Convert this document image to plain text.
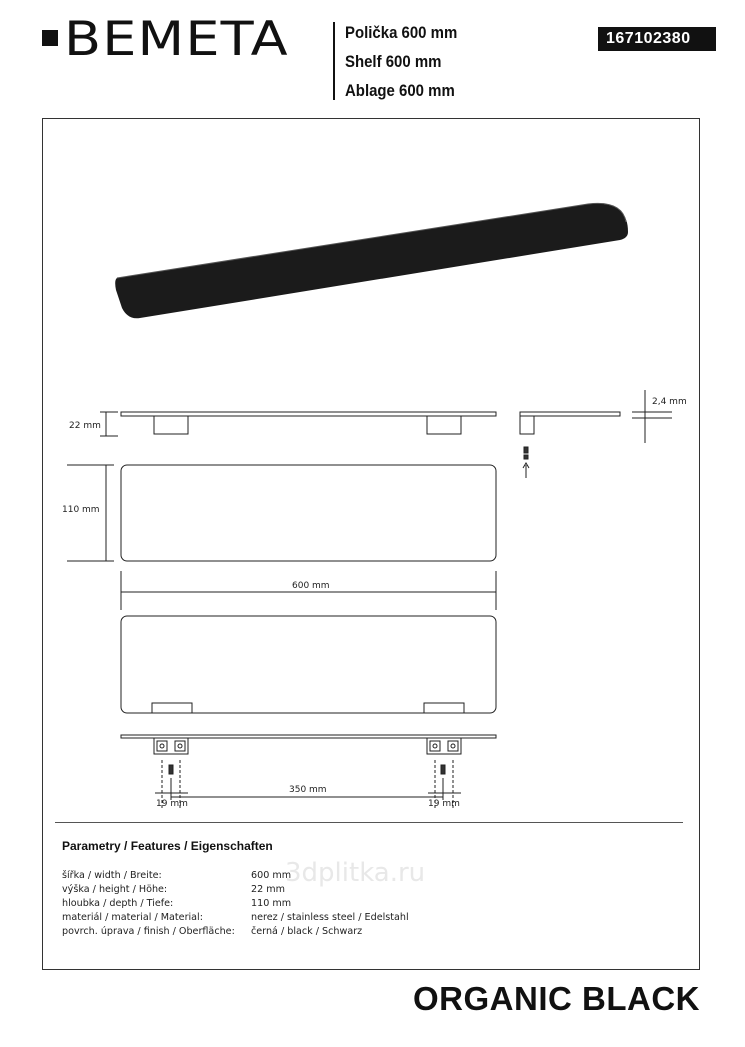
BEMETA	Polička 600 mm
Shelf 600 mm
Ablage 600 mm
167102380
22 mm
2,4 mm
110 mm
600 mm
350 mm
19 mm	19 mm
Parametry / Features / Eigenschaften
šířka / width / Breite:	600 mm
výška / height / Höhe:	22 mm
hloubka / depth / Tiefe:	110 mm
materiál / material / Material:	nerez / stainless steel / Edelstahl
povrch. úprava / finish / Oberfläche: černá / black / Schwarz
3dplitka.ru
ORGANIC BLACK
